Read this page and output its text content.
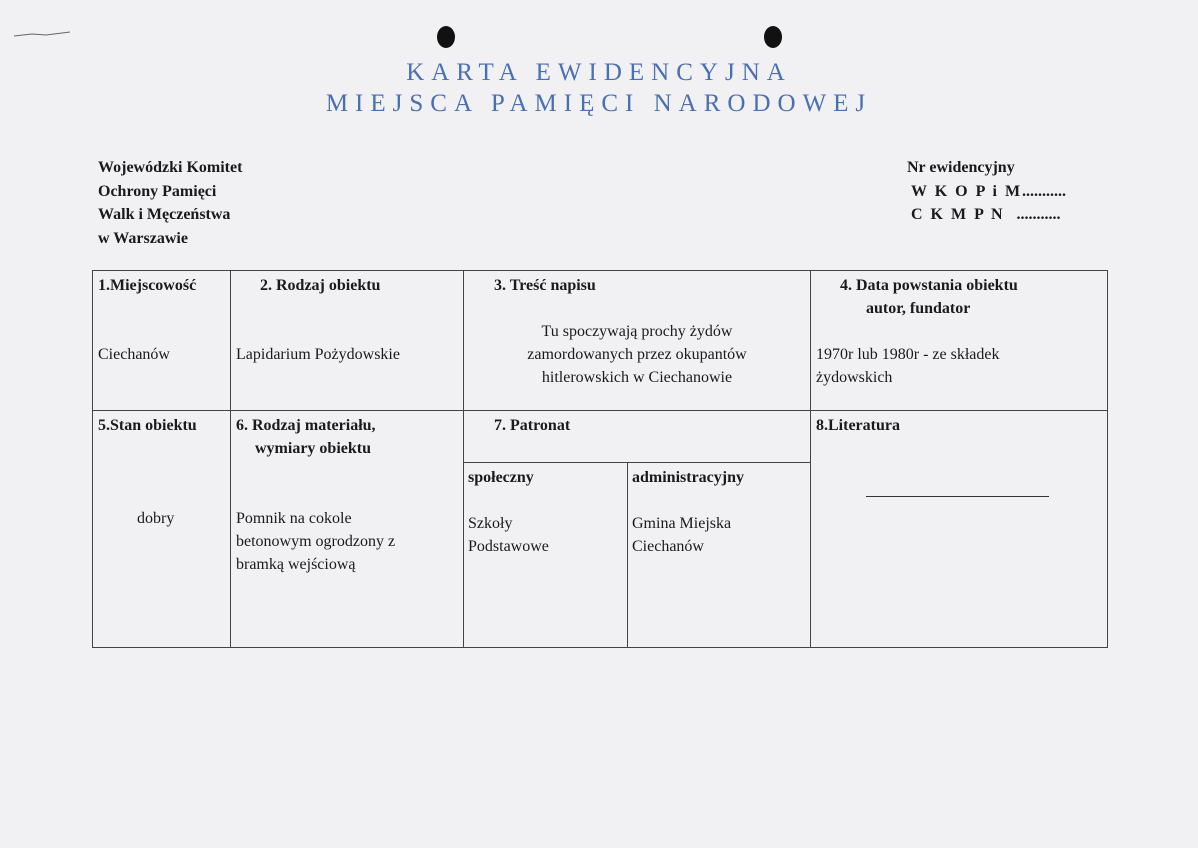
KARTA EWIDENCYJNA
MIEJSCA PAMIĘCI NARODOWEJ
Wojewódzki Komitet
Ochrony Pamięci
Walk i Męczeństwa
w Warszawie
Nr ewidencyjny
W K O P i M...........
C K M P N ...........
1.Miejscowość
Ciechanów
2. Rodzaj obiektu
Lapidarium Pożydowskie
3. Treść napisu
Tu spoczywają prochy żydów
zamordowanych przez okupantów
hitlerowskich w Ciechanowie
4. Data powstania obiektu
autor, fundator
1970r lub 1980r - ze składek
żydowskich
5.Stan obiektu
dobry
6. Rodzaj materiału,
wymiary obiektu
Pomnik na cokole
betonowym ogrodzony z
bramką wejściową
7. Patronat
społeczny
Szkoły
Podstawowe
administracyjny
Gmina Miejska
Ciechanów
8.Literatura
